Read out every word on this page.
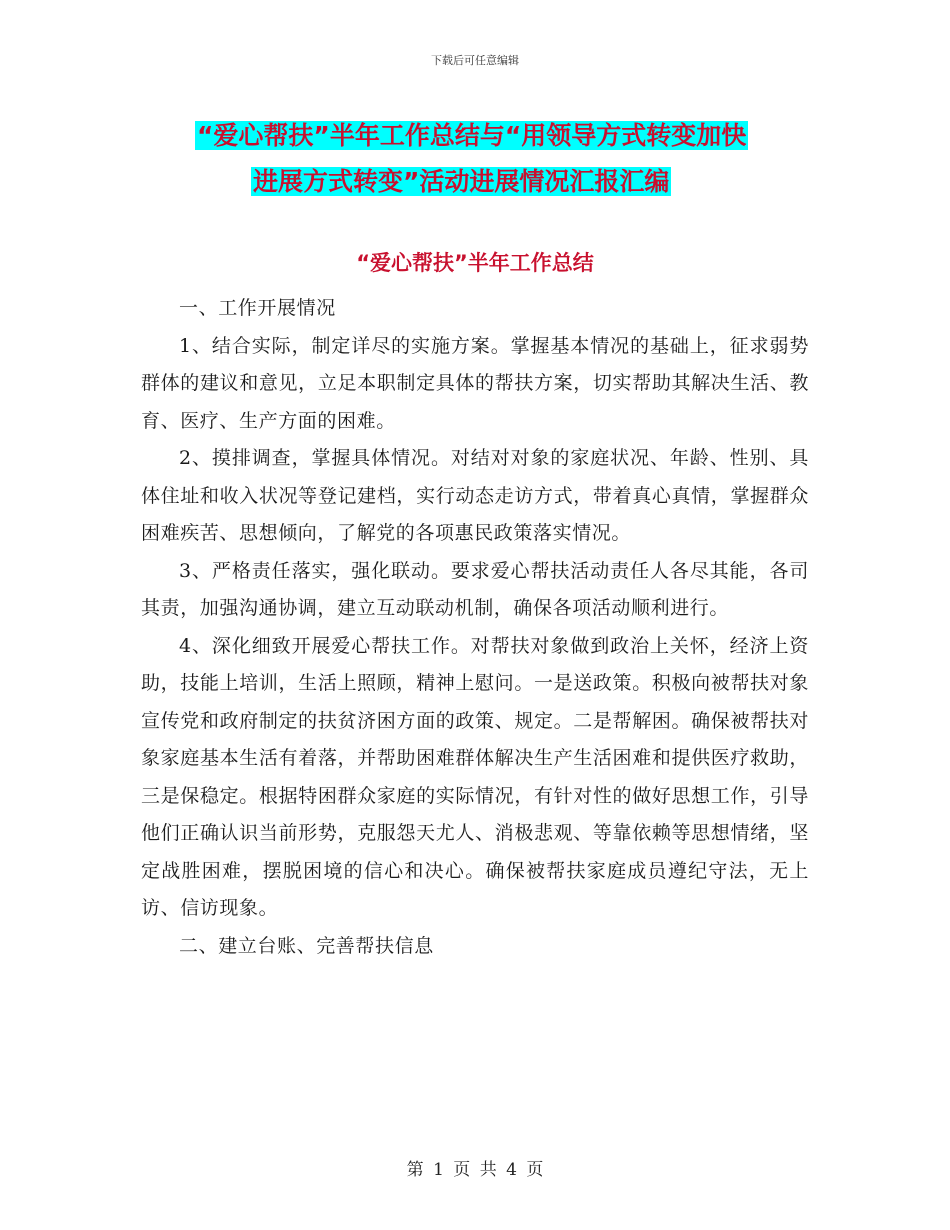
下载后可任意编辑
“爱心帮扶”半年工作总结与“用领导方式转变加快
进展方式转变”活动进展情况汇报汇编
“爱心帮扶”半年工作总结

一、工作开展情况

1、结合实际，制定详尽的实施方案。掌握基本情况的基础上，征求弱势群体的建议和意见，立足本职制定具体的帮扶方案，切实帮助其解决生活、教育、医疗、生产方面的困难。

2、摸排调查，掌握具体情况。对结对对象的家庭状况、年龄、性别、具体住址和收入状况等登记建档，实行动态走访方式，带着真心真情，掌握群众困难疾苦、思想倾向，了解党的各项惠民政策落实情况。

3、严格责任落实，强化联动。要求爱心帮扶活动责任人各尽其能，各司其责，加强沟通协调，建立互动联动机制，确保各项活动顺利进行。

4、深化细致开展爱心帮扶工作。对帮扶对象做到政治上关怀，经济上资助，技能上培训，生活上照顾，精神上慰问。一是送政策。积极向被帮扶对象宣传党和政府制定的扶贫济困方面的政策、规定。二是帮解困。确保被帮扶对象家庭基本生活有着落，并帮助困难群体解决生产生活困难和提供医疗救助，三是保稳定。根据特困群众家庭的实际情况，有针对性的做好思想工作，引导他们正确认识当前形势，克服怨天尤人、消极悲观、等靠依赖等思想情绪，坚定战胜困难，摆脱困境的信心和决心。确保被帮扶家庭成员遵纪守法，无上访、信访现象。

二、建立台账、完善帮扶信息

第 1 页 共 4 页
